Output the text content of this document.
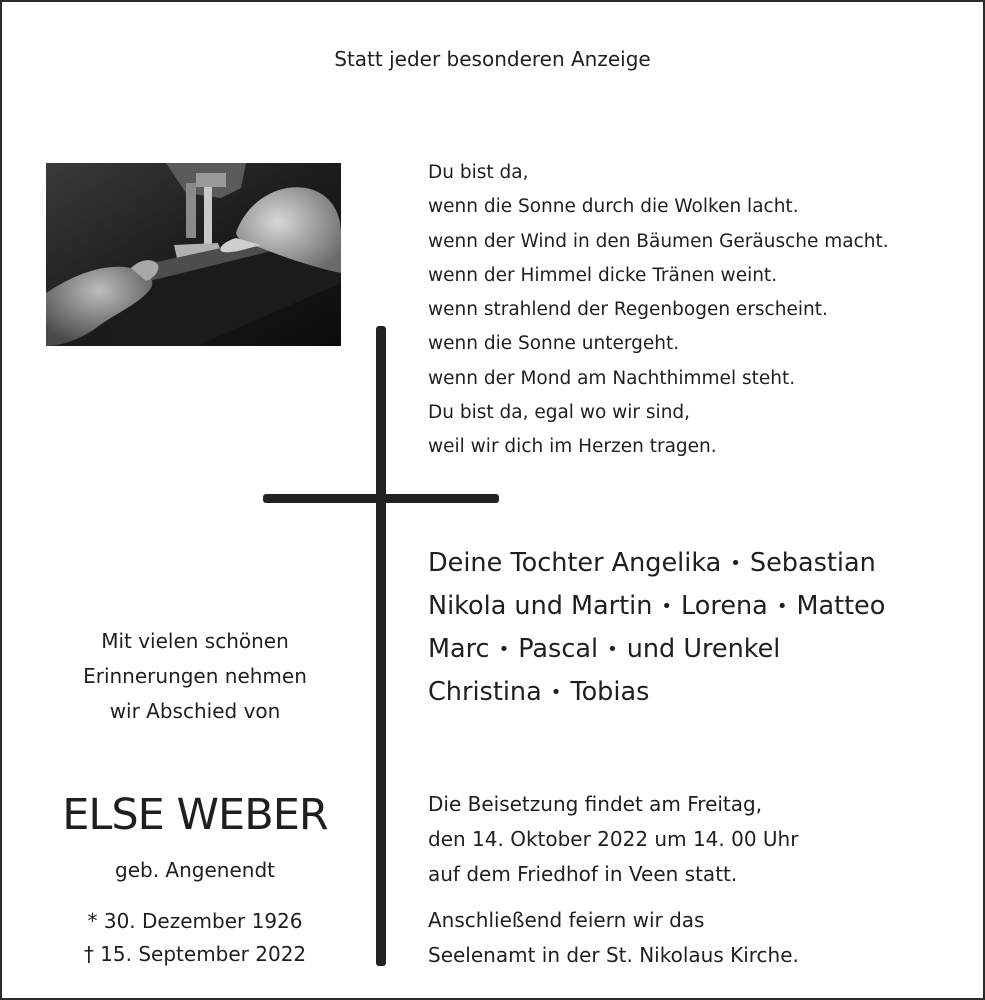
Statt jeder besonderen Anzeige
Du bist da,
wenn die Sonne durch die Wolken lacht.
wenn der Wind in den Bäumen Geräusche macht.
wenn der Himmel dicke Tränen weint.
wenn strahlend der Regenbogen erscheint.
wenn die Sonne untergeht.
wenn der Mond am Nachthimmel steht.
Du bist da, egal wo wir sind,
weil wir dich im Herzen tragen.
Deine Tochter Angelika • Sebastian
Nikola und Martin • Lorena • Matteo
Marc • Pascal • und Urenkel
Christina • Tobias
Mit vielen schönen
Erinnerungen nehmen
wir Abschied von
ELSE WEBER
geb. Angenendt
* 30. Dezember 1926
† 15. September 2022
Die Beisetzung findet am Freitag,
den 14. Oktober 2022 um 14. 00 Uhr
auf dem Friedhof in Veen statt.
Anschließend feiern wir das
Seelenamt in der St. Nikolaus Kirche.
